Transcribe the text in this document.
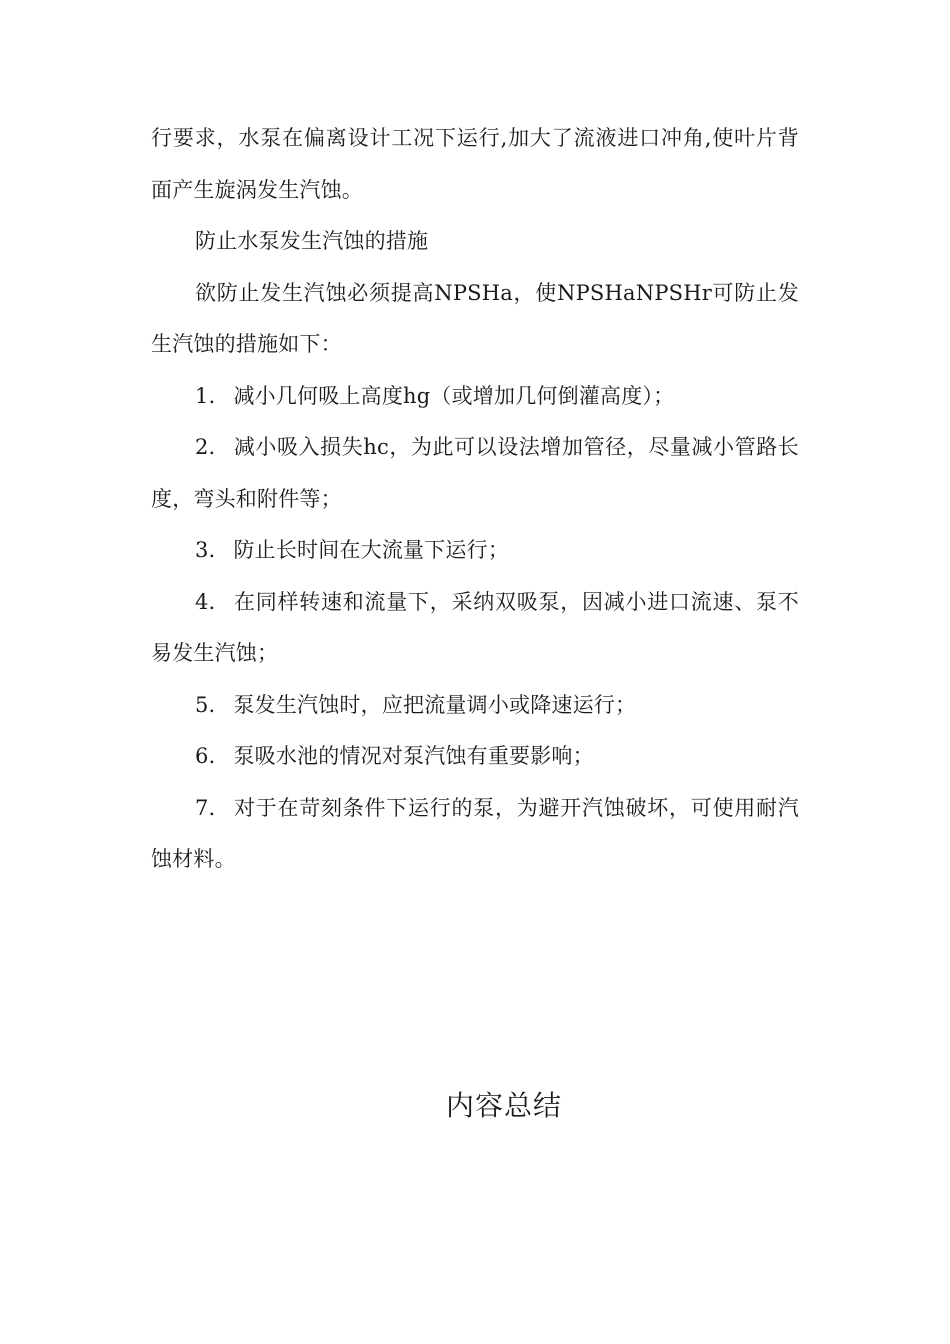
行要求，水泵在偏离设计工况下运行,加大了流液进口冲角,使叶片背面产生旋涡发生汽蚀。

防止水泵发生汽蚀的措施

欲防止发生汽蚀必须提高NPSHa，使NPSHaNPSHr可防止发生汽蚀的措施如下：

1. 减小几何吸上高度hg（或增加几何倒灌高度）；

2. 减小吸入损失hc，为此可以设法增加管径，尽量减小管路长度，弯头和附件等；

3. 防止长时间在大流量下运行；

4. 在同样转速和流量下，采纳双吸泵，因减小进口流速、泵不易发生汽蚀；

5. 泵发生汽蚀时，应把流量调小或降速运行；

6. 泵吸水池的情况对泵汽蚀有重要影响；

7. 对于在苛刻条件下运行的泵，为避开汽蚀破坏，可使用耐汽蚀材料。

内容总结
